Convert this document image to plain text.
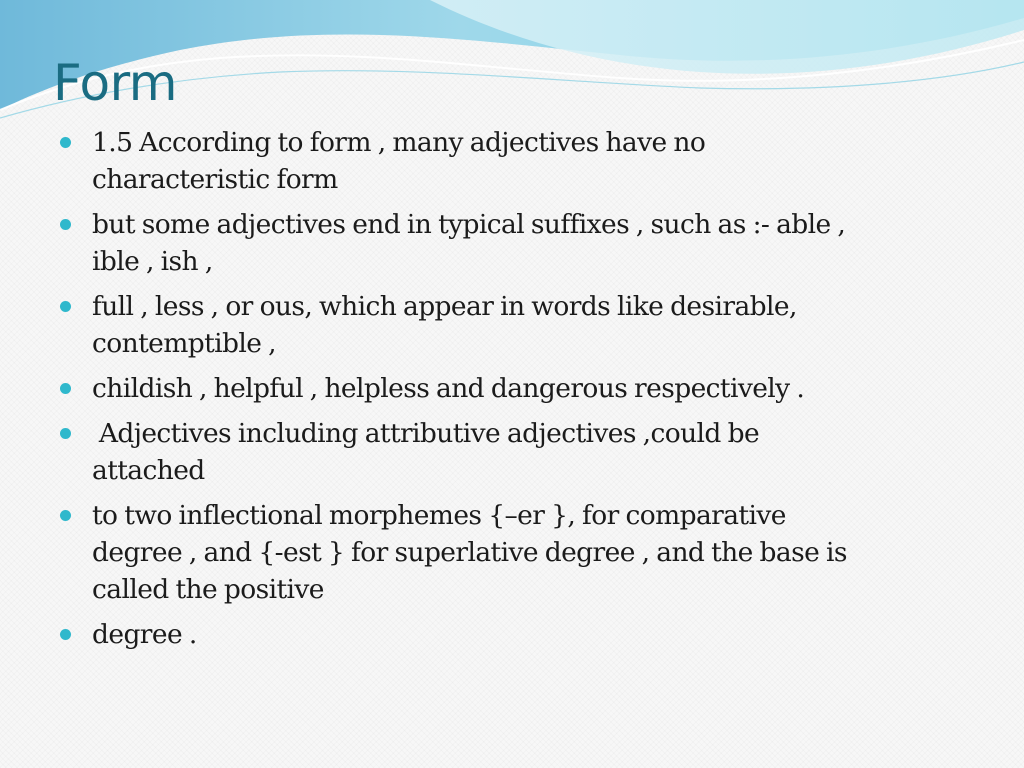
Form
1.5 According to form , many adjectives have no
characteristic form
but some adjectives end in typical suffixes , such as :- able ,
ible , ish ,
full , less , or ous, which appear in words like desirable,
contemptible ,
childish , helpful , helpless and dangerous respectively .
Adjectives including attributive adjectives ,could be
attached
to two inflectional morphemes {–er }, for comparative
degree , and {-est } for superlative degree , and the base is
called the positive
degree .
